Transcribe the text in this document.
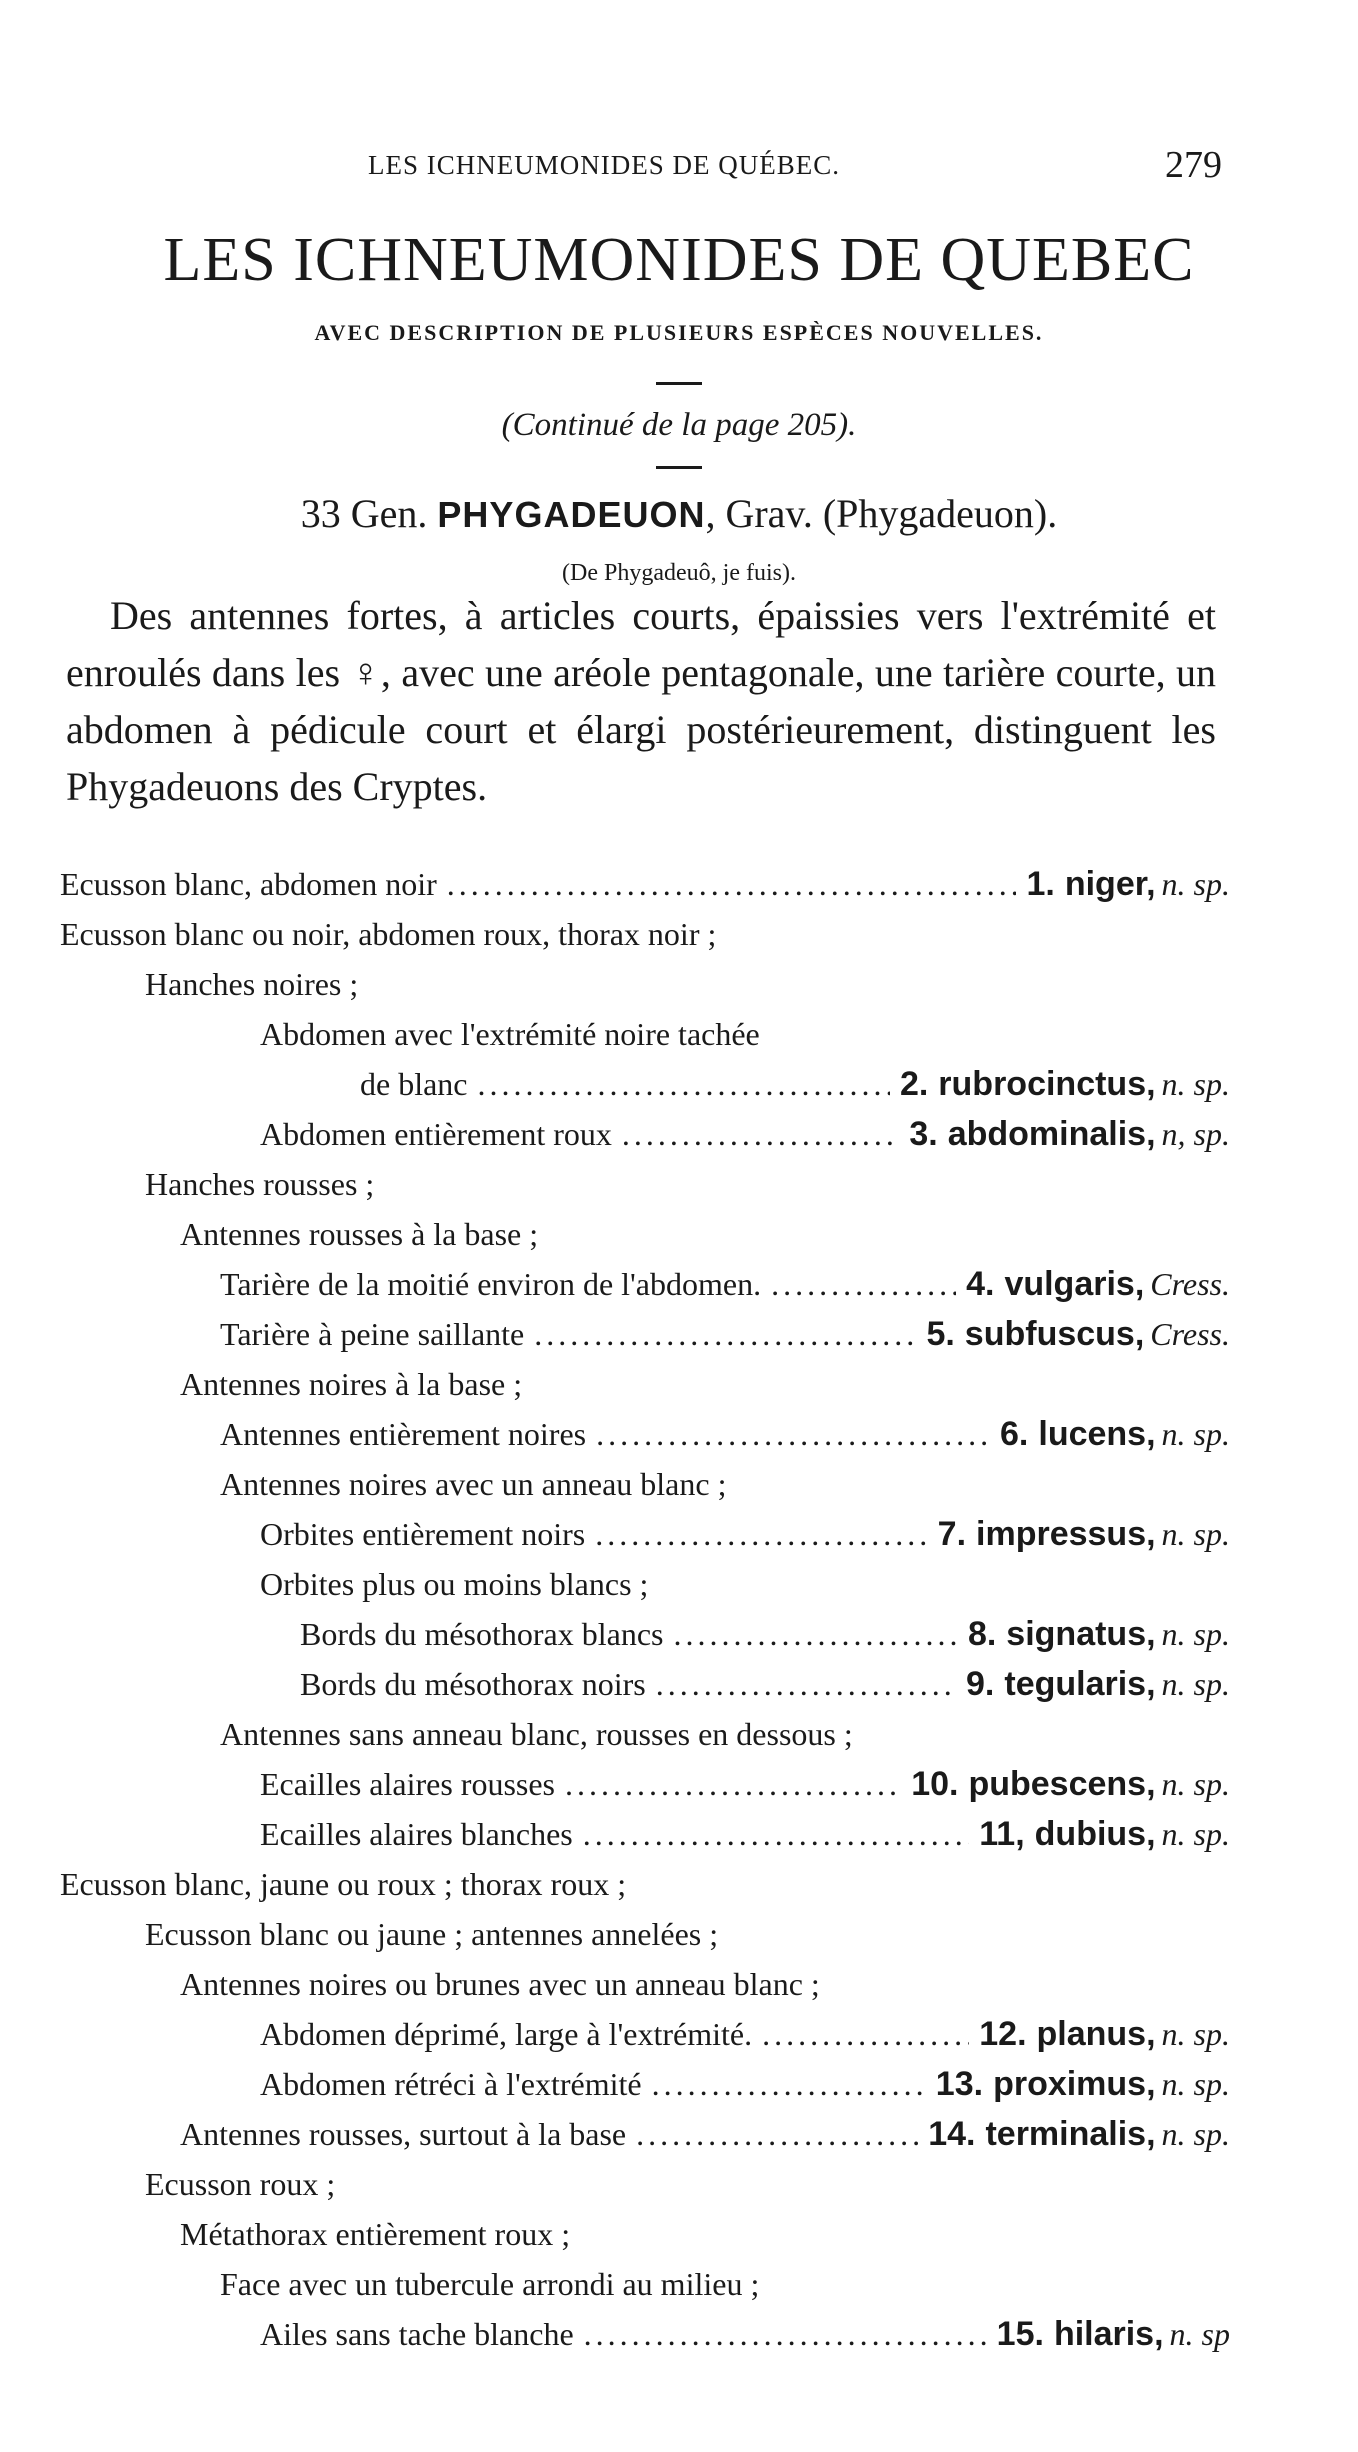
LES ICHNEUMONIDES DE QUÉBEC.	279
LES ICHNEUMONIDES DE QUEBEC
AVEC DESCRIPTION DE PLUSIEURS ESPÈCES NOUVELLES.
(Continué de la page 205).
33 Gen. PHYGADEUON, Grav. (Phygadeuon).
(De Phygadeuô, je fuis).

Des antennes fortes, à articles courts, épaissies vers l'extrémité et enroulés dans les ♀, avec une aréole pentagonale, une tarière courte, un abdomen à pédicule court et élargi postérieurement, distinguent les Phygadeuons des Cryptes.

Ecusson blanc, abdomen noir .....	1. niger, n. sp.
Ecusson blanc ou noir, abdomen roux, thorax noir ;
Hanches noires ;
Abdomen avec l'extrémité noire tachée
de blanc .....	2. rubrocinctus, n. sp.
Abdomen entièrement roux .....	3. abdominalis, n, sp.
Hanches rousses ;
Antennes rousses à la base ;
Tarière de la moitié environ de l'abdomen. .....	4. vulgaris, Cress.
Tarière à peine saillante .....	5. subfuscus, Cress.
Antennes noires à la base ;
Antennes entièrement noires .....	6. lucens, n. sp.
Antennes noires avec un anneau blanc ;
Orbites entièrement noirs .....	7. impressus, n. sp.
Orbites plus ou moins blancs ;
Bords du mésothorax blancs .....	8. signatus, n. sp.
Bords du mésothorax noirs .....	9. tegularis, n. sp.
Antennes sans anneau blanc, rousses en dessous ;
Ecailles alaires rousses .....	10. pubescens, n. sp.
Ecailles alaires blanches .....	11, dubius, n. sp.
Ecusson blanc, jaune ou roux ; thorax roux ;
Ecusson blanc ou jaune ; antennes annelées ;
Antennes noires ou brunes avec un anneau blanc ;
Abdomen déprimé, large à l'extrémité. .....	12. planus, n. sp.
Abdomen rétréci à l'extrémité .....	13. proximus, n. sp.
Antennes rousses, surtout à la base .....	14. terminalis, n. sp.
Ecusson roux ;
Métathorax entièrement roux ;
Face avec un tubercule arrondi au milieu ;
Ailes sans tache blanche .....	15. hilaris, n. sp
